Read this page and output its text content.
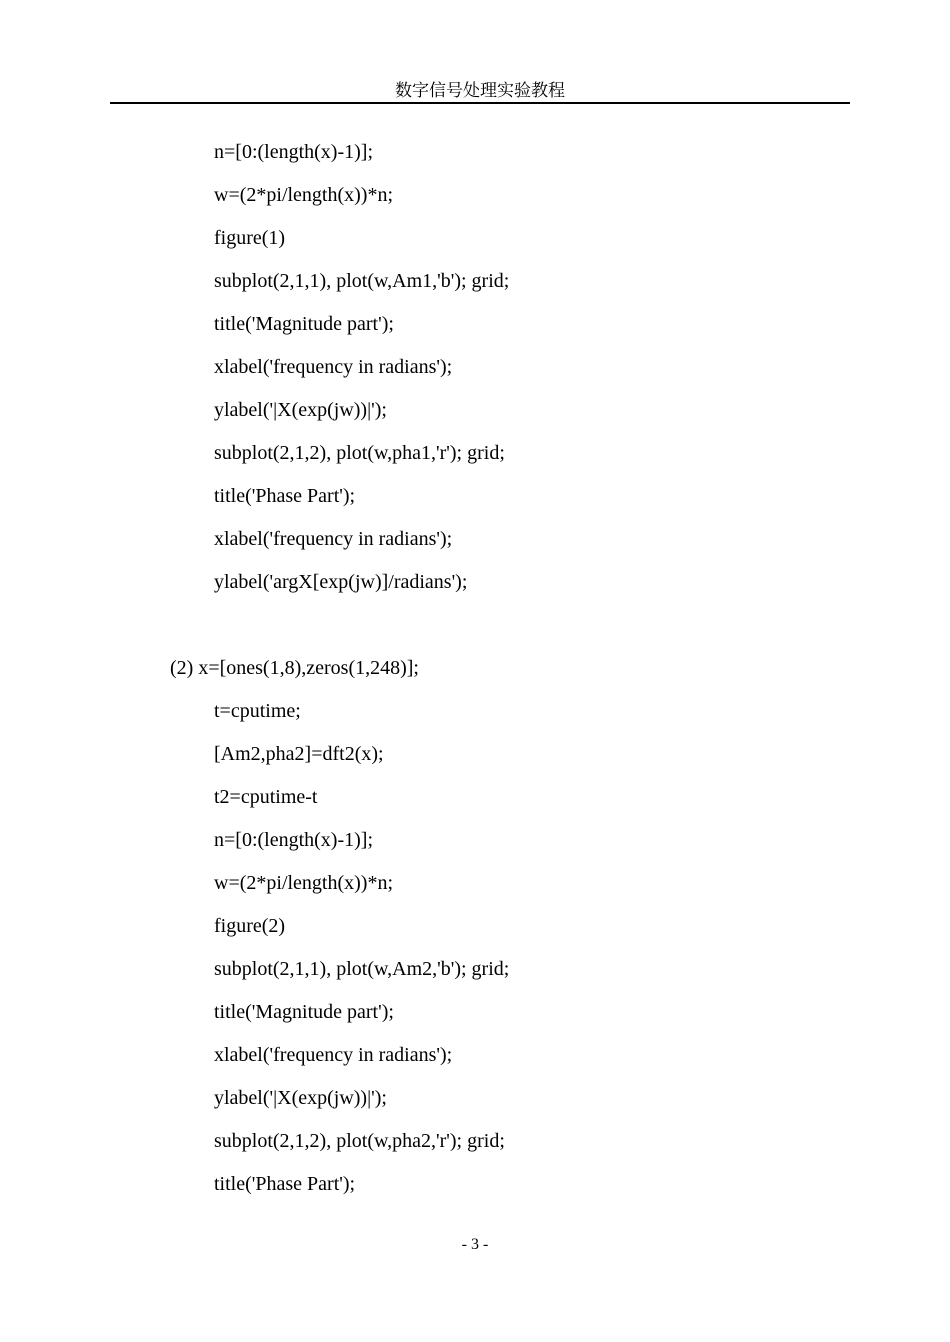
数字信号处理实验教程
n=[0:(length(x)-1)];
w=(2*pi/length(x))*n;
figure(1)
subplot(2,1,1), plot(w,Am1,'b'); grid;
title('Magnitude part');
xlabel('frequency in radians');
ylabel('|X(exp(jw))|');
subplot(2,1,2), plot(w,pha1,'r'); grid;
title('Phase Part');
xlabel('frequency in radians');
ylabel('argX[exp(jw)]/radians');
(2) x=[ones(1,8),zeros(1,248)];
t=cputime;
[Am2,pha2]=dft2(x);
t2=cputime-t
n=[0:(length(x)-1)];
w=(2*pi/length(x))*n;
figure(2)
subplot(2,1,1), plot(w,Am2,'b'); grid;
title('Magnitude part');
xlabel('frequency in radians');
ylabel('|X(exp(jw))|');
subplot(2,1,2), plot(w,pha2,'r'); grid;
title('Phase Part');
- 3 -
